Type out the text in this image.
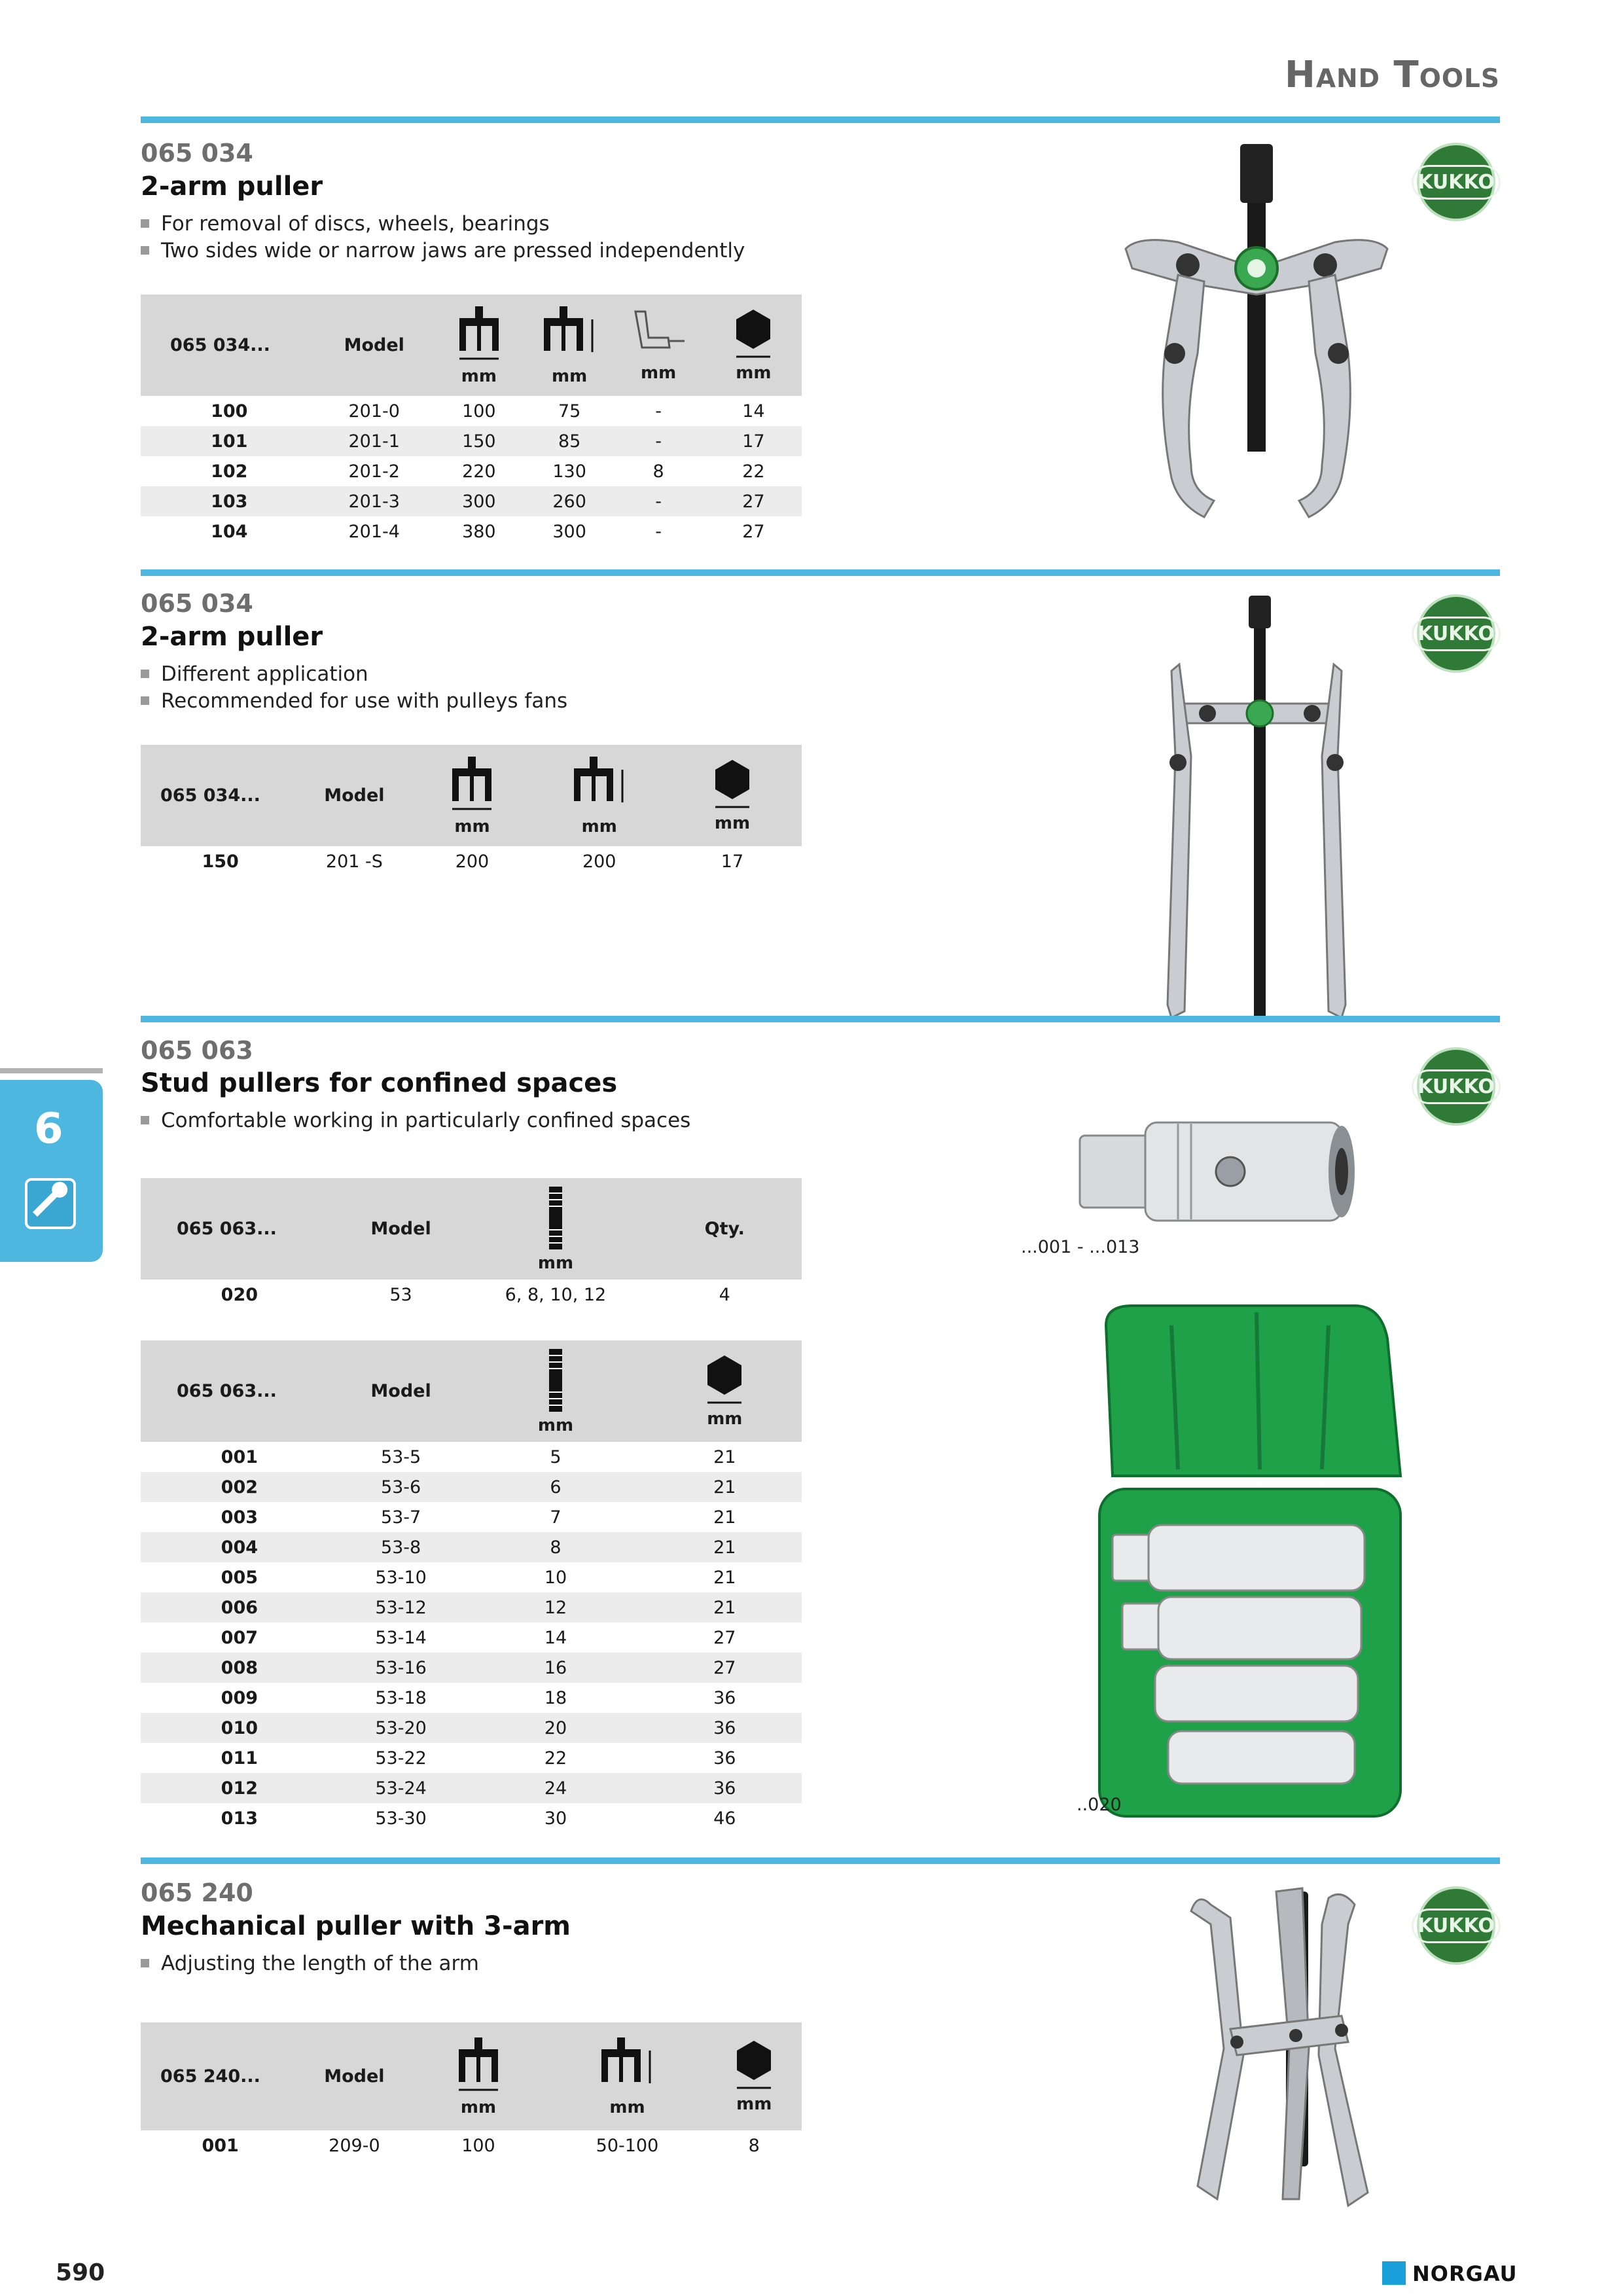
Hand Tools
065 034
2-arm puller
For removal of discs, wheels, bearings
Two sides wide or narrow jaws are pressed independently
065 034...	Model	mm	mm	mm	mm

100	201-0	100	75	-	14
101	201-1	150	85	-	17
102	201-2	220	130	8	22
103	201-3	300	260	-	27
104	201-4	380	300	-	27
KUKKO
065 034
2-arm puller
Different application
Recommended for use with pulleys fans
065 034...	Model	mm	mm	mm

150	201 -S	200	200	17
KUKKO
6
065 063
Stud pullers for confined spaces
Comfortable working in particularly confined spaces
065 063...	Model	mm	Qty.
020	53	6, 8, 10, 12	4
065 063...	Model	mm	mm

001	53-5	5	21
002	53-6	6	21
003	53-7	7	21
004	53-8	8	21
005	53-10	10	21
006	53-12	12	21
007	53-14	14	27
008	53-16	16	27
009	53-18	18	36
010	53-20	20	36
011	53-22	22	36
012	53-24	24	36
013	53-30	30	46
KUKKO
...001 - ...013
..020
065 240
Mechanical puller with 3-arm
Adjusting the length of the arm
065 240...	Model	mm	mm	mm

001	209-0	100	50-100	8
KUKKO
590	NORGAU
